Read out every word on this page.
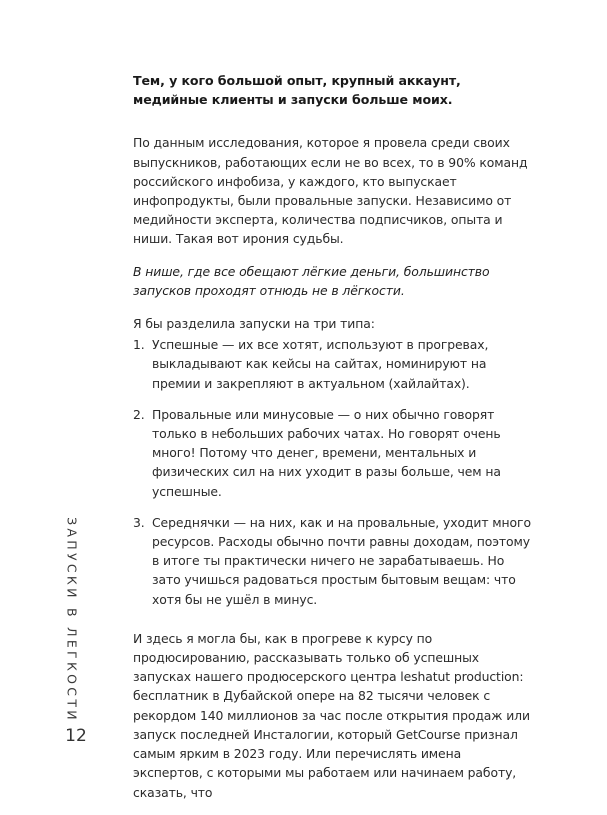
Тем, у кого большой опыт, крупный аккаунт, медийные клиенты и запуски больше моих.

По данным исследования, которое я провела среди своих выпускников, работающих если не во всех, то в 90% команд российского инфобиза, у каждого, кто выпускает инфопродукты, были провальные запуски. Независимо от медийности эксперта, количества подписчиков, опыта и ниши. Такая вот ирония судьбы.

В нише, где все обещают лёгкие деньги, большинство запусков проходят отнюдь не в лёгкости.

Я бы разделила запуски на три типа:

1. Успешные — их все хотят, используют в прогревах, выкладывают как кейсы на сайтах, номинируют на премии и закрепляют в актуальном (хайлайтах).
2. Провальные или минусовые — о них обычно говорят только в небольших рабочих чатах. Но говорят очень много! Потому что денег, времени, ментальных и физических сил на них уходит в разы больше, чем на успешные.
3. Середнячки — на них, как и на провальные, уходит много ресурсов. Расходы обычно почти равны доходам, поэтому в итоге ты практически ничего не зарабатываешь. Но зато учишься радоваться простым бытовым вещам: что хотя бы не ушёл в минус.

И здесь я могла бы, как в прогреве к курсу по продюсированию, рассказывать только об успешных запусках нашего продюсерского центра leshatut production: бесплатник в Дубайской опере на 82 тысячи человек с рекордом 140 миллионов за час после открытия продаж или запуск последней Инсталогии, который GetCourse признал самым ярким в 2023 году. Или перечислять имена экспертов, с которыми мы работаем или начинаем работу, сказать, что

ЗАПУСКИ В ЛЕГКОСТИ
12
